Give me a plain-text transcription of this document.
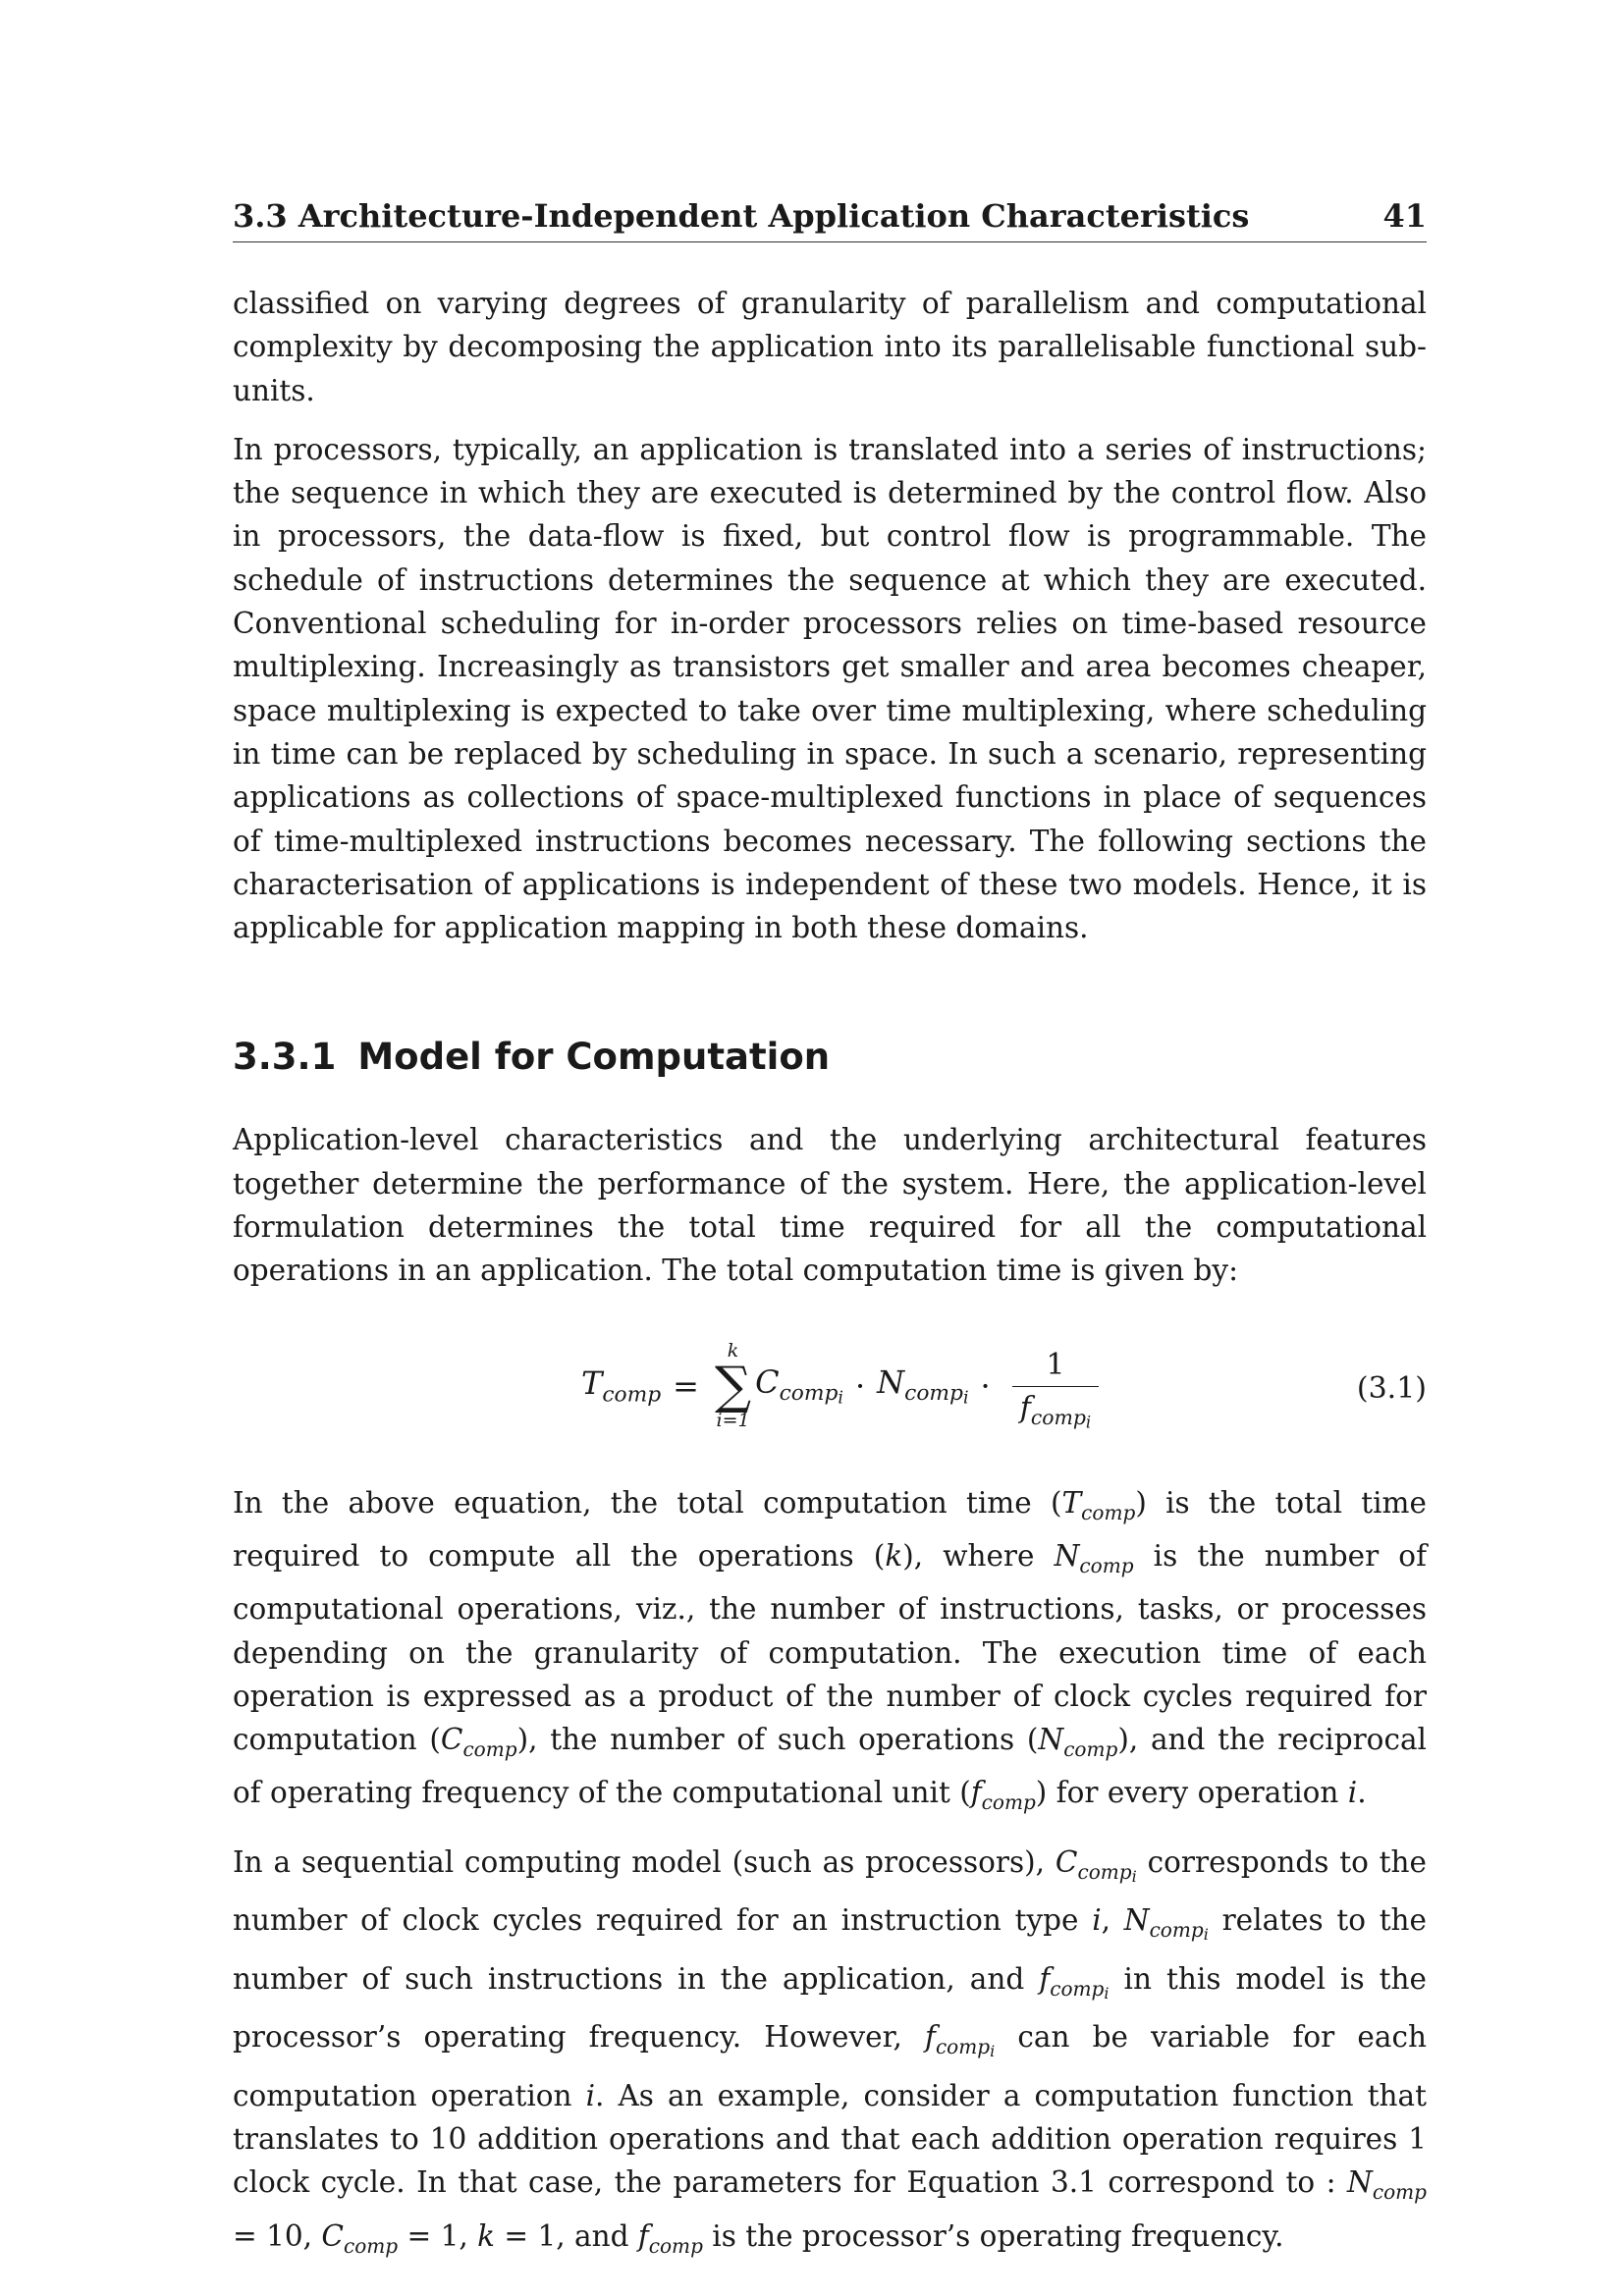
3.3 Architecture-Independent Application Characteristics	41

classified on varying degrees of granularity of parallelism and computational complexity by decomposing the application into its parallelisable functional sub-units.

In processors, typically, an application is translated into a series of instructions; the sequence in which they are executed is determined by the control flow. Also in processors, the data-flow is fixed, but control flow is programmable. The schedule of instructions determines the sequence at which they are executed. Conventional scheduling for in-order processors relies on time-based resource multiplexing. Increasingly as transistors get smaller and area becomes cheaper, space multiplexing is expected to take over time multiplexing, where scheduling in time can be replaced by scheduling in space. In such a scenario, representing applications as collections of space-multiplexed functions in place of sequences of time-multiplexed instructions becomes necessary. The following sections the characterisation of applications is independent of these two models. Hence, it is applicable for application mapping in both these domains.

3.3.1 Model for Computation

Application-level characteristics and the underlying architectural features together determine the performance of the system. Here, the application-level formulation determines the total time required for all the computational operations in an application. The total computation time is given by:

$T_{comp}$ =
k
∑
i=1
$C_{compi} \cdot N_{compi} \cdot \frac{1}{f_{compi}}$	(3.1)

In the above equation, the total computation time $(T_{comp})$ is the total time required to compute all the operations (k), where $N_{comp}$ is the number of computational operations, viz., the number of instructions, tasks, or processes depending on the granularity of computation. The execution time of each operation is expressed as a product of the number of clock cycles required for computation $(C_{comp})$, the number of such operations $(N_{comp})$, and the reciprocal of operating frequency of the computational unit $(f_{comp})$ for every operation i.

In a sequential computing model (such as processors), $C_{compi}$ corresponds to the number of clock cycles required for an instruction type i, $N_{compi}$ relates to the number of such instructions in the application, and $f_{compi}$ in this model is the processor’s operating frequency. However, $f_{compi}$ can be variable for each computation operation i. As an example, consider a computation function that translates to 10 addition operations and that each addition operation requires 1 clock cycle. In that case, the parameters for Equation 3.1 correspond to : $N_{comp} = 10$, $C_{comp} = 1$, k = 1, and $f_{comp}$ is the processor’s operating frequency.
